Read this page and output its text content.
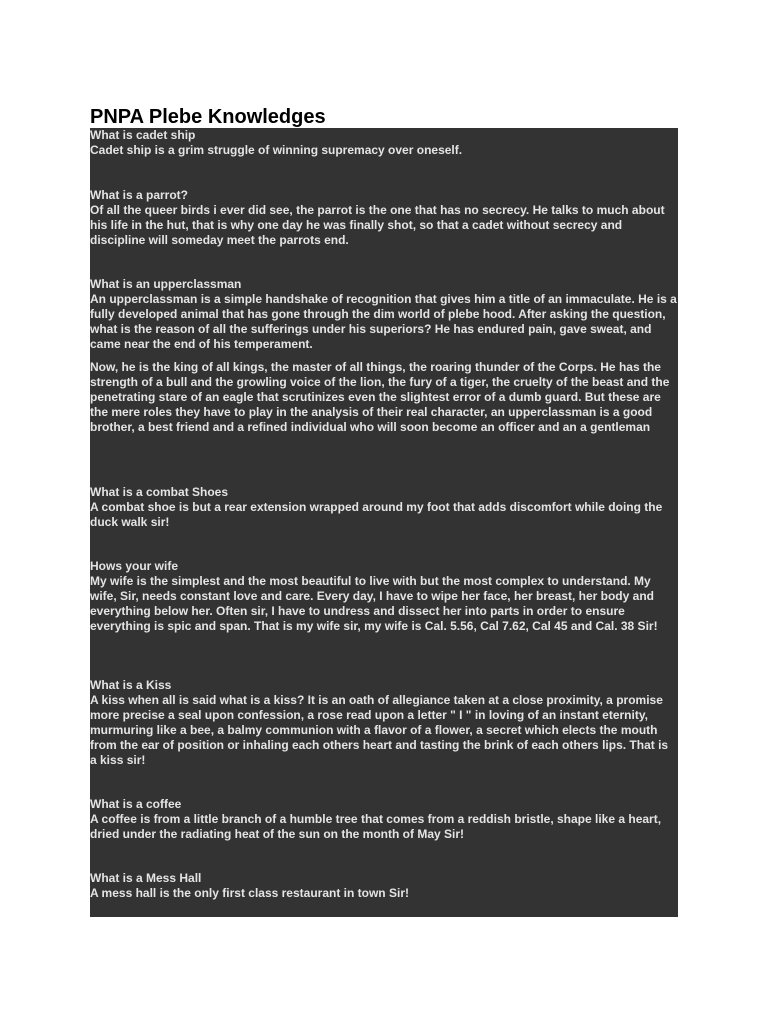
PNPA Plebe Knowledges

What is cadet ship

Cadet ship is a grim struggle of winning supremacy over oneself.

What is a parrot?

Of all the queer birds i ever did see, the parrot is the one that has no secrecy. He talks to much about his life in the hut, that is why one day he was finally shot, so that a cadet without secrecy and discipline will someday meet the parrots end.

What is an upperclassman

An upperclassman is a simple handshake of recognition that gives him a title of an immaculate. He is a fully developed animal that has gone through the dim world of plebe hood. After asking the question, what is the reason of all the sufferings under his superiors? He has endured pain, gave sweat, and came near the end of his temperament.

Now, he is the king of all kings, the master of all things, the roaring thunder of the Corps. He has the strength of a bull and the growling voice of the lion, the fury of a tiger, the cruelty of the beast and the penetrating stare of an eagle that scrutinizes even the slightest error of a dumb guard. But these are the mere roles they have to play in the analysis of their real character, an upperclassman is a good brother, a best friend and a refined individual who will soon become an officer and an a gentleman

What is a combat Shoes

A combat shoe is but a rear extension wrapped around my foot that adds discomfort while doing the duck walk sir!

Hows your wife

My wife is the simplest and the most beautiful to live with but the most complex to understand. My wife, Sir, needs constant love and care. Every day, I have to wipe her face, her breast, her body and everything below her. Often sir, I have to undress and dissect her into parts in order to ensure everything is spic and span. That is my wife sir, my wife is Cal. 5.56, Cal 7.62, Cal 45 and Cal. 38 Sir!

What is a Kiss

A kiss when all is said what is a kiss? It is an oath of allegiance taken at a close proximity, a promise more precise a seal upon confession, a rose read upon a letter " I " in loving of an instant eternity, murmuring like a bee, a balmy communion with a flavor of a flower, a secret which elects the mouth from the ear of position or inhaling each others heart and tasting the brink of each others lips. That is a kiss sir!

What is a coffee

A coffee is from a little branch of a humble tree that comes from a reddish bristle, shape like a heart, dried under the radiating heat of the sun on the month of May Sir!

What is a Mess Hall

A mess hall is the only first class restaurant in town Sir!
